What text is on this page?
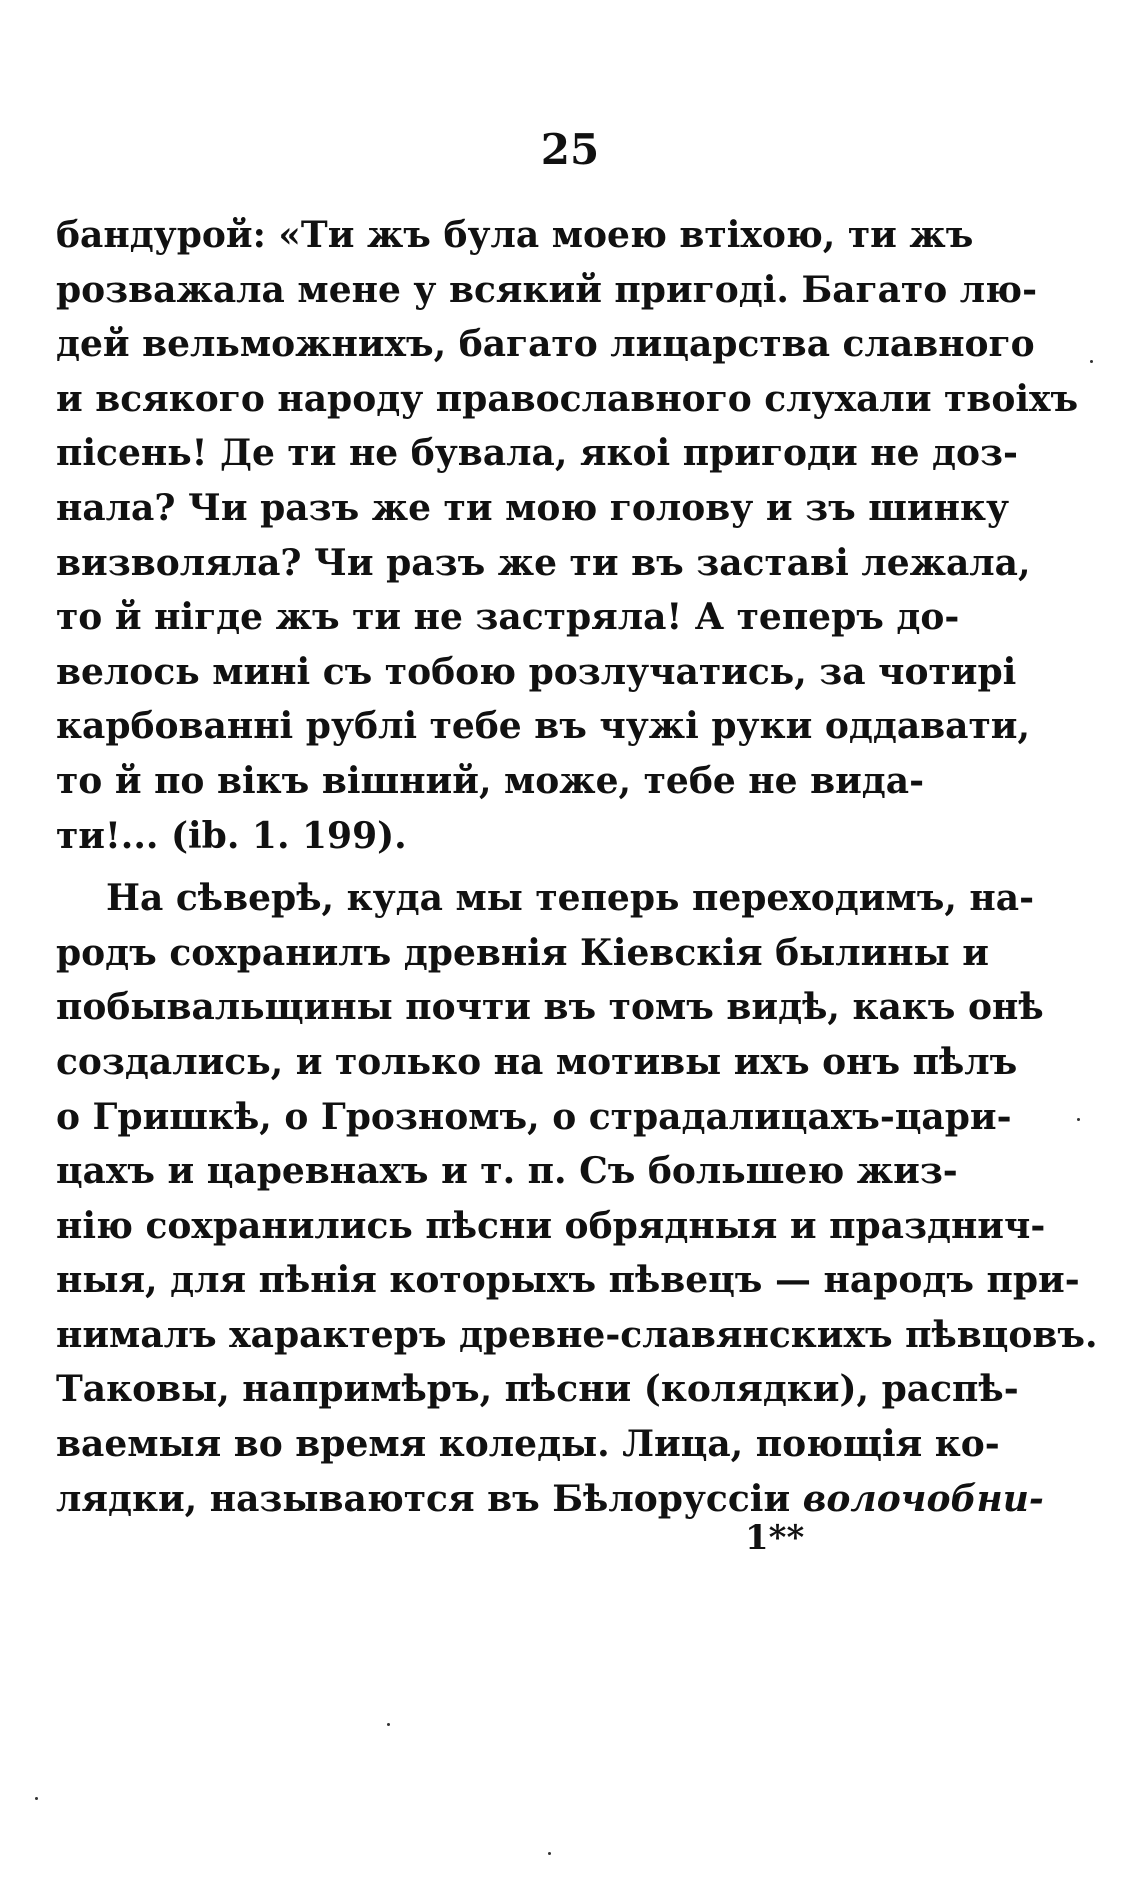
25
бандурой: «Ти жъ була моею втіхою, ти жъ
розважала мене у всякий пригоді. Багато лю-
дей вельможнихъ, багато лицарства славного
и всякого народу православного слухали твоіхъ
пісень! Де ти не бувала, якоі пригоди не доз-
нала? Чи разъ же ти мою голову и зъ шинку
визволяла? Чи разъ же ти въ заставі лежала,
то й нігде жъ ти не застряла! А теперъ до-
велось мині съ тобою розлучатись, за чотирі
карбованні рублі тебе въ чужі руки оддавати,
то й по вікъ вішний, може, тебе не вида-
ти!... (ib. 1. 199).
На сѣверѣ, куда мы теперь переходимъ, на-
родъ сохранилъ древнія Кіевскія былины и
побывальщины почти въ томъ видѣ, какъ онѣ
создались, и только на мотивы ихъ онъ пѣлъ
о Гришкѣ, о Грозномъ, о страдалицахъ-цари-
цахъ и царевнахъ и т. п. Съ большею жиз-
нію сохранились пѣсни обрядныя и празднич-
ныя, для пѣнія которыхъ пѣвецъ — народъ при-
нималъ характеръ древне-славянскихъ пѣвцовъ.
Таковы, напримѣръ, пѣсни (колядки), распѣ-
ваемыя во время коледы. Лица, поющія ко-
лядки, называются въ Бѣлоруссіи волочобни-
1**
